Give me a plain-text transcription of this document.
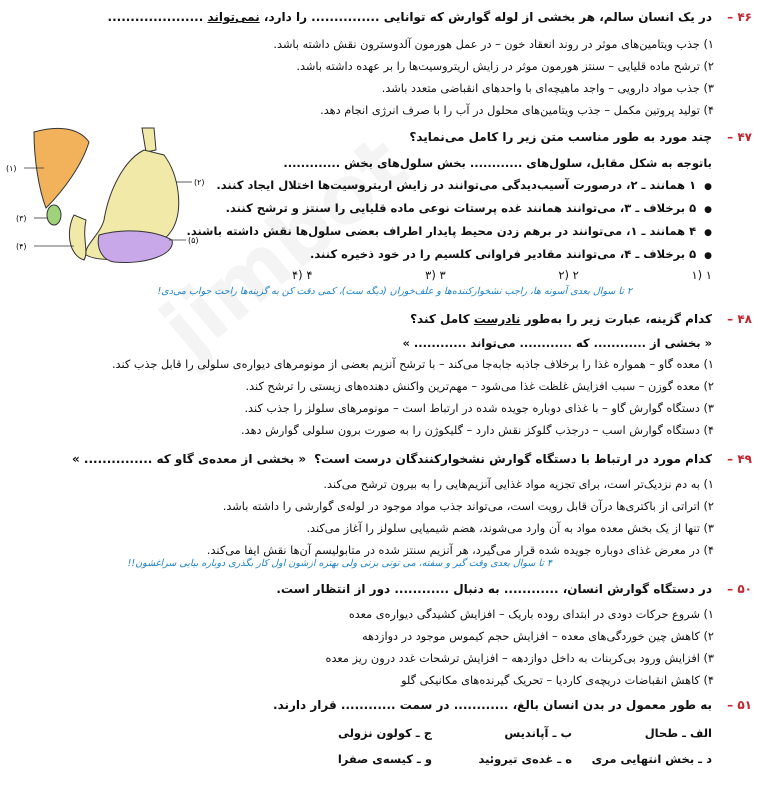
۴۶ –
در یک انسان سالم، هر بخشی از لوله گوارش که توانایی ............... را دارد، نمی‌تواند .....................
۱) جذب ویتامین‌های موثر در روند انعقاد خون – در عمل هورمون آلدوسترون نقش داشته باشد.
۲) ترشح ماده قلیایی – سنتز هورمون موثر در زایش اریتروسیت‌ها را بر عهده داشته باشد.
۳) جذب مواد دارویی – واجد ماهیچه‌ای با واحدهای انقباضی متعدد باشد.
۴) تولید پروتین مکمل – جذب ویتامین‌های محلول در آب را با صرف انرژی انجام دهد.
۴۷ –
چند مورد به طور مناسب متن زیر را کامل می‌نماید؟
باتوجه به شکل مقابل، سلول‌های ............ بخش سلول‌های بخش .............
● ۱ همانند ـ ۲، درصورت آسیب‌دیدگی می‌توانند در زایش اریتروسیت‌ها اختلال ایجاد کنند.
● ۵ برخلاف ـ ۳، می‌توانند همانند غده پرستات نوعی ماده قلیایی را سنتز و ترشح کنند.
● ۴ همانند ـ ۱، می‌توانند در برهم زدن محیط پایدار اطراف بعضی سلول‌ها نقش داشته باشند.
● ۵ برخلاف ـ ۴، می‌توانند مقادیر فراوانی کلسیم را در خود ذخیره کنند.
۴) ۴	۳) ۳	۲) ۲	۱) ۱
۲ تا سوال بعدی آسونه ها، راجب نشخوارکننده‌ها و علف‌خوران (دیگه ست)، کمی دقت کن به گزینه‌ها راحت جواب می‌دی!
(۱)
(۲)
(۳)
(۴)
(۵)
۴۸ –
کدام گزینه، عبارت زیر را به‌طور نادرست کامل کند؟
« بخشی از ............ که ............ می‌تواند ............ »
۱) معده گاو – همواره غذا را برخلاف جاذبه جابه‌جا می‌کند – با ترشح آنزیم بعضی از مونومرهای دیواره‌ی سلولی را قابل جذب کند.
۲) معده گوزن – سبب افزایش غلظت غذا می‌شود – مهم‌ترین واکنش دهنده‌های زیستی را ترشح کند.
۳) دستگاه گوارش گاو – با غذای دوباره جویده شده در ارتباط است – مونومرهای سلولز را جذب کند.
۴) دستگاه گوارش اسب – درجذب گلوکز نقش دارد – گلیکوژن را به صورت برون سلولی گوارش دهد.
۴۹ –
کدام مورد در ارتباط با دستگاه گوارش نشخوارکنندگان درست است؟
« بخشی از معده‌ی گاو که ............... »
۱) به دم نزدیک‌تر است، برای تجزیه مواد غذایی آنزیم‌هایی را به بیرون ترشح می‌کند.
۲) اتراتی از باکتری‌ها درآن قابل رویت است، می‌تواند جذب مواد موجود در لوله‌ی گوارشی را داشته باشد.
۳) تنها از یک بخش معده مواد به آن وارد می‌شوند، هضم شیمیایی سلولز را آغاز می‌کند.
۴) در معرض غذای دوباره جویده شده قرار می‌گیرد، هر آنزیم سنتز شده در متابولیسم آن‌ها نقش ایفا می‌کند.
۴ تا سوال بعدی وقت گیر و سفته، می توتی بزنی ولی بهتره ازشون اول کار بگذری دوباره بیایی سراغشون!!
۵۰ –
در دستگاه گوارش انسان، ............ به دنبال ............ دور از انتظار است.
۱) شروع حرکات دودی در ابتدای روده باریک – افزایش کشیدگی دیواره‌ی معده
۲) کاهش چین خوردگی‌های معده – افزایش حجم کیموس موجود در دوازدهه
۳) افزایش ورود بی‌کربنات به داخل دوازدهه – افزایش ترشحات غدد درون ریز معده
۴) کاهش انقباضات دریچه‌ی کاردیا – تحریک گیرنده‌های مکانیکی گلو
۵۱ –
به طور معمول در بدن انسان بالغ، ............ در سمت ............ قرار دارند.
الف ـ طحال
ب ـ آپاندیس
ج ـ کولون نزولی
د ـ بخش انتهایی مری
ه ـ غده‌ی تیروئید
و ـ کیسه‌ی صفرا
